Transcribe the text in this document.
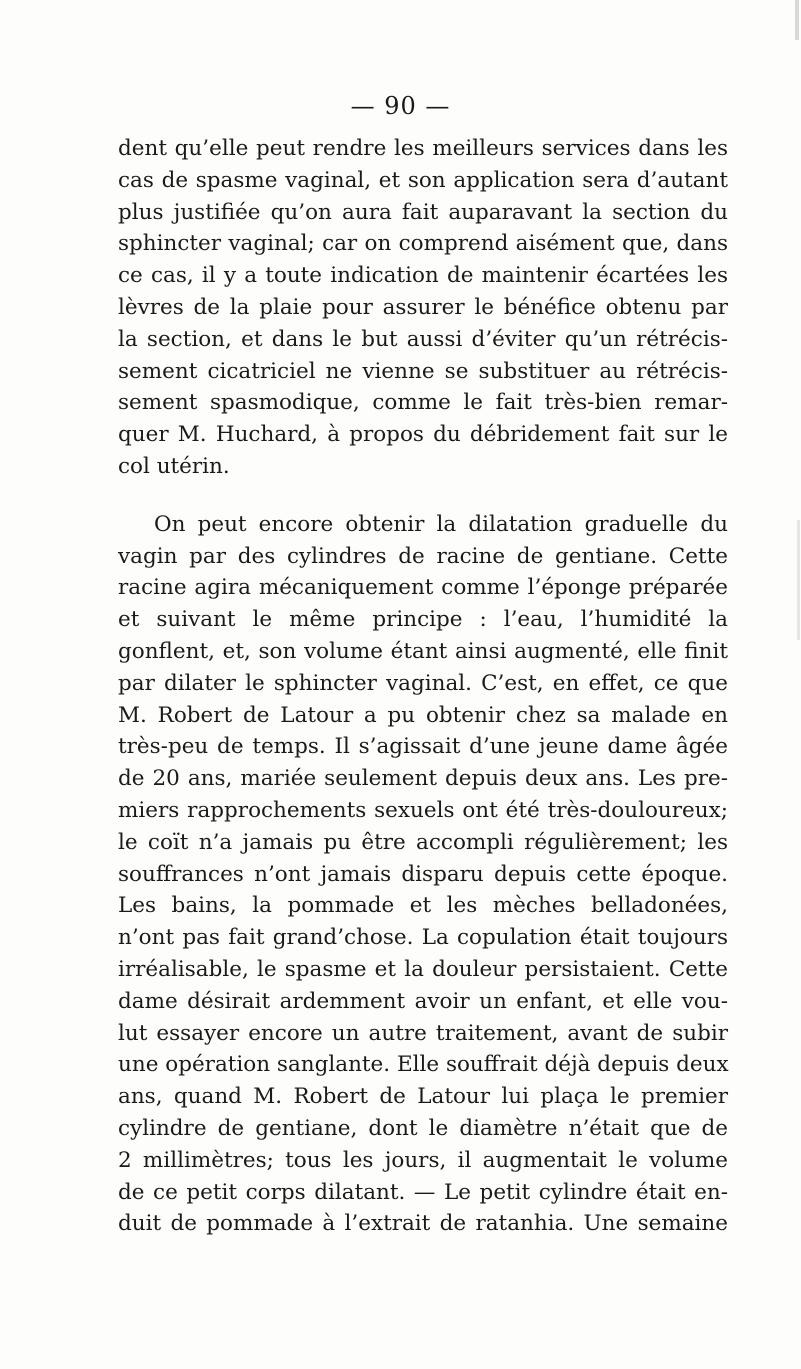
— 90 —
dent qu’elle peut rendre les meilleurs services dans les
cas de spasme vaginal, et son application sera d’autant
plus justifiée qu’on aura fait auparavant la section du
sphincter vaginal; car on comprend aisément que, dans
ce cas, il y a toute indication de maintenir écartées les
lèvres de la plaie pour assurer le bénéfice obtenu par
la section, et dans le but aussi d’éviter qu’un rétrécis-
sement cicatriciel ne vienne se substituer au rétrécis-
sement spasmodique, comme le fait très-bien remar-
quer M. Huchard, à propos du débridement fait sur le
col utérin.
On peut encore obtenir la dilatation graduelle du
vagin par des cylindres de racine de gentiane. Cette
racine agira mécaniquement comme l’éponge préparée
et suivant le même principe : l’eau, l’humidité la
gonflent, et, son volume étant ainsi augmenté, elle finit
par dilater le sphincter vaginal. C’est, en effet, ce que
M. Robert de Latour a pu obtenir chez sa malade en
très-peu de temps. Il s’agissait d’une jeune dame âgée
de 20 ans, mariée seulement depuis deux ans. Les pre-
miers rapprochements sexuels ont été très-douloureux;
le coït n’a jamais pu être accompli régulièrement; les
souffrances n’ont jamais disparu depuis cette époque.
Les bains, la pommade et les mèches belladonées,
n’ont pas fait grand’chose. La copulation était toujours
irréalisable, le spasme et la douleur persistaient. Cette
dame désirait ardemment avoir un enfant, et elle vou-
lut essayer encore un autre traitement, avant de subir
une opération sanglante. Elle souffrait déjà depuis deux
ans, quand M. Robert de Latour lui plaça le premier
cylindre de gentiane, dont le diamètre n’était que de
2 millimètres; tous les jours, il augmentait le volume
de ce petit corps dilatant. — Le petit cylindre était en-
duit de pommade à l’extrait de ratanhia. Une semaine
